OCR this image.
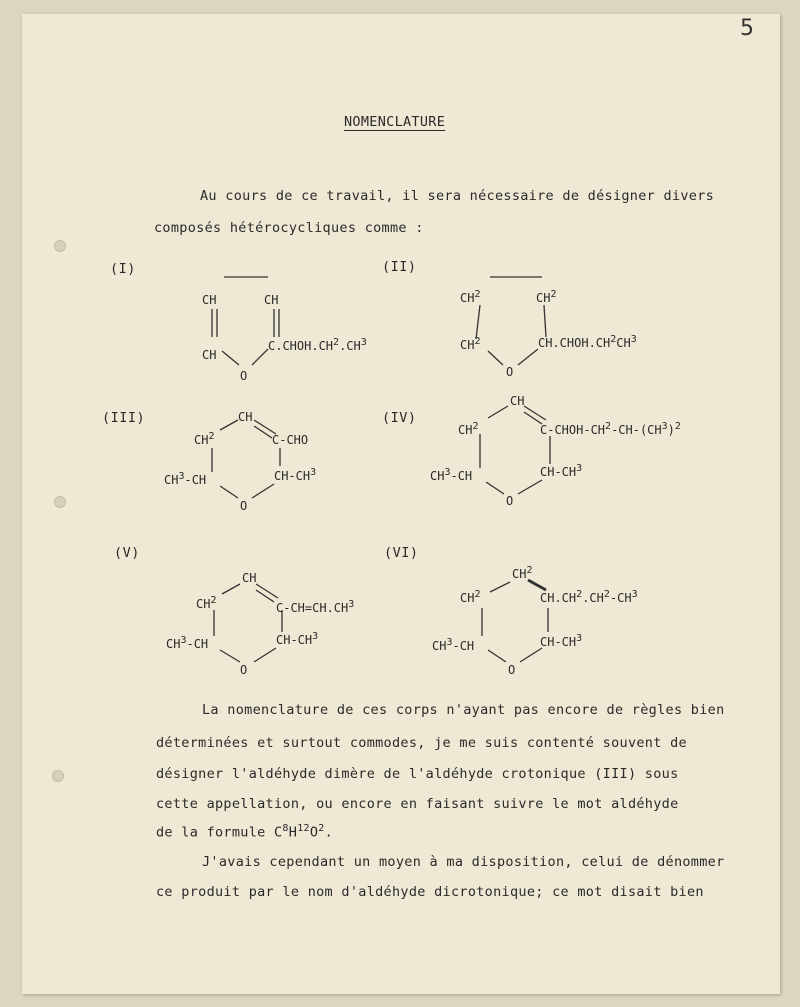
5
NOMENCLATURE
Au cours de ce travail, il sera nécessaire de désigner divers
composés hétérocycliques comme :
(I)	(II)
(III)	(IV)
(V)	(VI)
CH	CH
CH
O
$C.CHOH.CH^2.CH^3$
$CH^2$	$CH^2$
$CH^2$
O
$CH.CHOH.CH^2CH^3$
CH
$CH^2$	C-CHO
$CH^3-CH$	$CH-CH^3$
O
CH
$CH^2$	$C-CHOH-CH^2-CH-(CH^3)^2$
$CH^3-CH$	$CH-CH^3$
O
CH
$CH^2$
$C-CH=CH.CH^3$
$CH^3-CH$	$CH-CH^3$
O
$CH^2$
$CH^2$	$CH.CH^2.CH^2-CH^3$
$CH^3-CH$	$CH-CH^3$
O
La nomenclature de ces corps n'ayant pas encore de règles bien
déterminées et surtout commodes, je me suis contenté souvent de
désigner l'aldéhyde dimère de l'aldéhyde crotonique (III) sous
cette appellation, ou encore en faisant suivre le mot aldéhyde
de la formule $C^8H^{12}O^2$.
J'avais cependant un moyen à ma disposition, celui de dénommer
ce produit par le nom d'aldéhyde dicrotonique; ce mot disait bien
